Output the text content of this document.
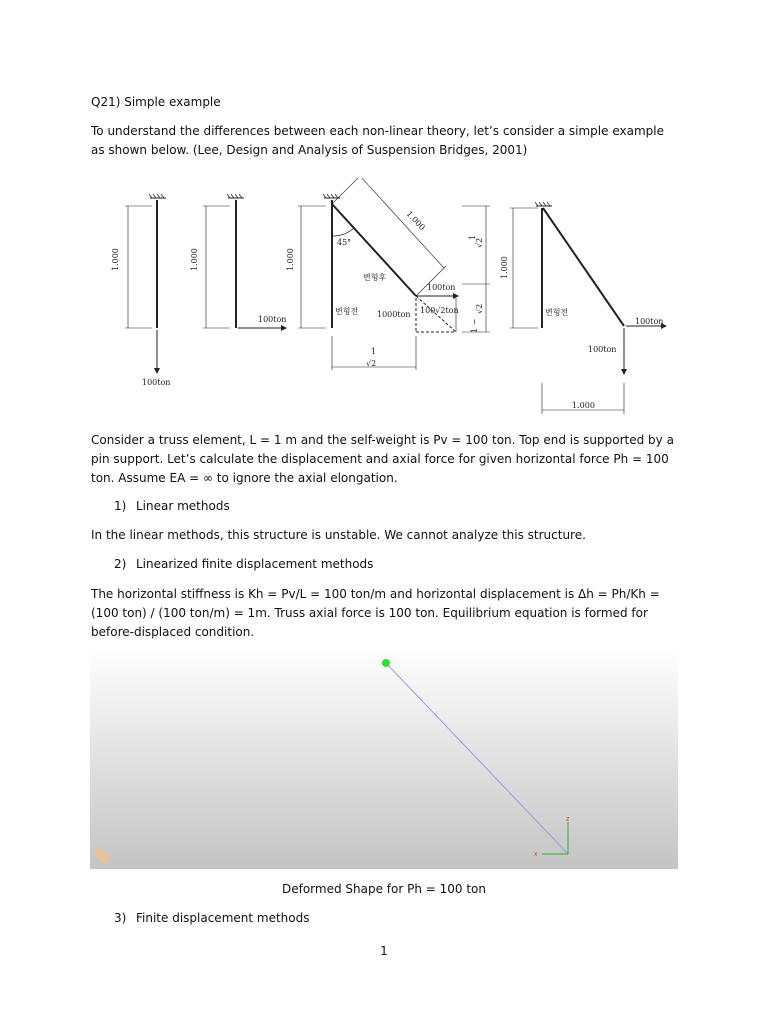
Q21) Simple example

To understand the differences between each non-linear theory, let’s consider a simple example as shown below. (Lee, Design and Analysis of Suspension Bridges, 2001)

1.000
100ton
1.000
100ton
1.000
45°
1.000
변형후
변형전
100ton
1000ton 100√2ton
1
√2
1
√2
1 −
√2
1.000
변형전
100ton
100ton
1.000

Consider a truss element, L = 1 m and the self-weight is Pv = 100 ton. Top end is supported by a pin support. Let’s calculate the displacement and axial force for given horizontal force Ph = 100 ton. Assume EA = ∞ to ignore the axial elongation.

1) Linear methods

In the linear methods, this structure is unstable. We cannot analyze this structure.

2) Linearized finite displacement methods

The horizontal stiffness is Kh = Pv/L = 100 ton/m and horizontal displacement is Δh = Ph/Kh = (100 ton) / (100 ton/m) = 1m. Truss axial force is 100 ton. Equilibrium equation is formed for before-displaced condition.

Z
X
Deformed Shape for Ph = 100 ton
3) Finite displacement methods
1
